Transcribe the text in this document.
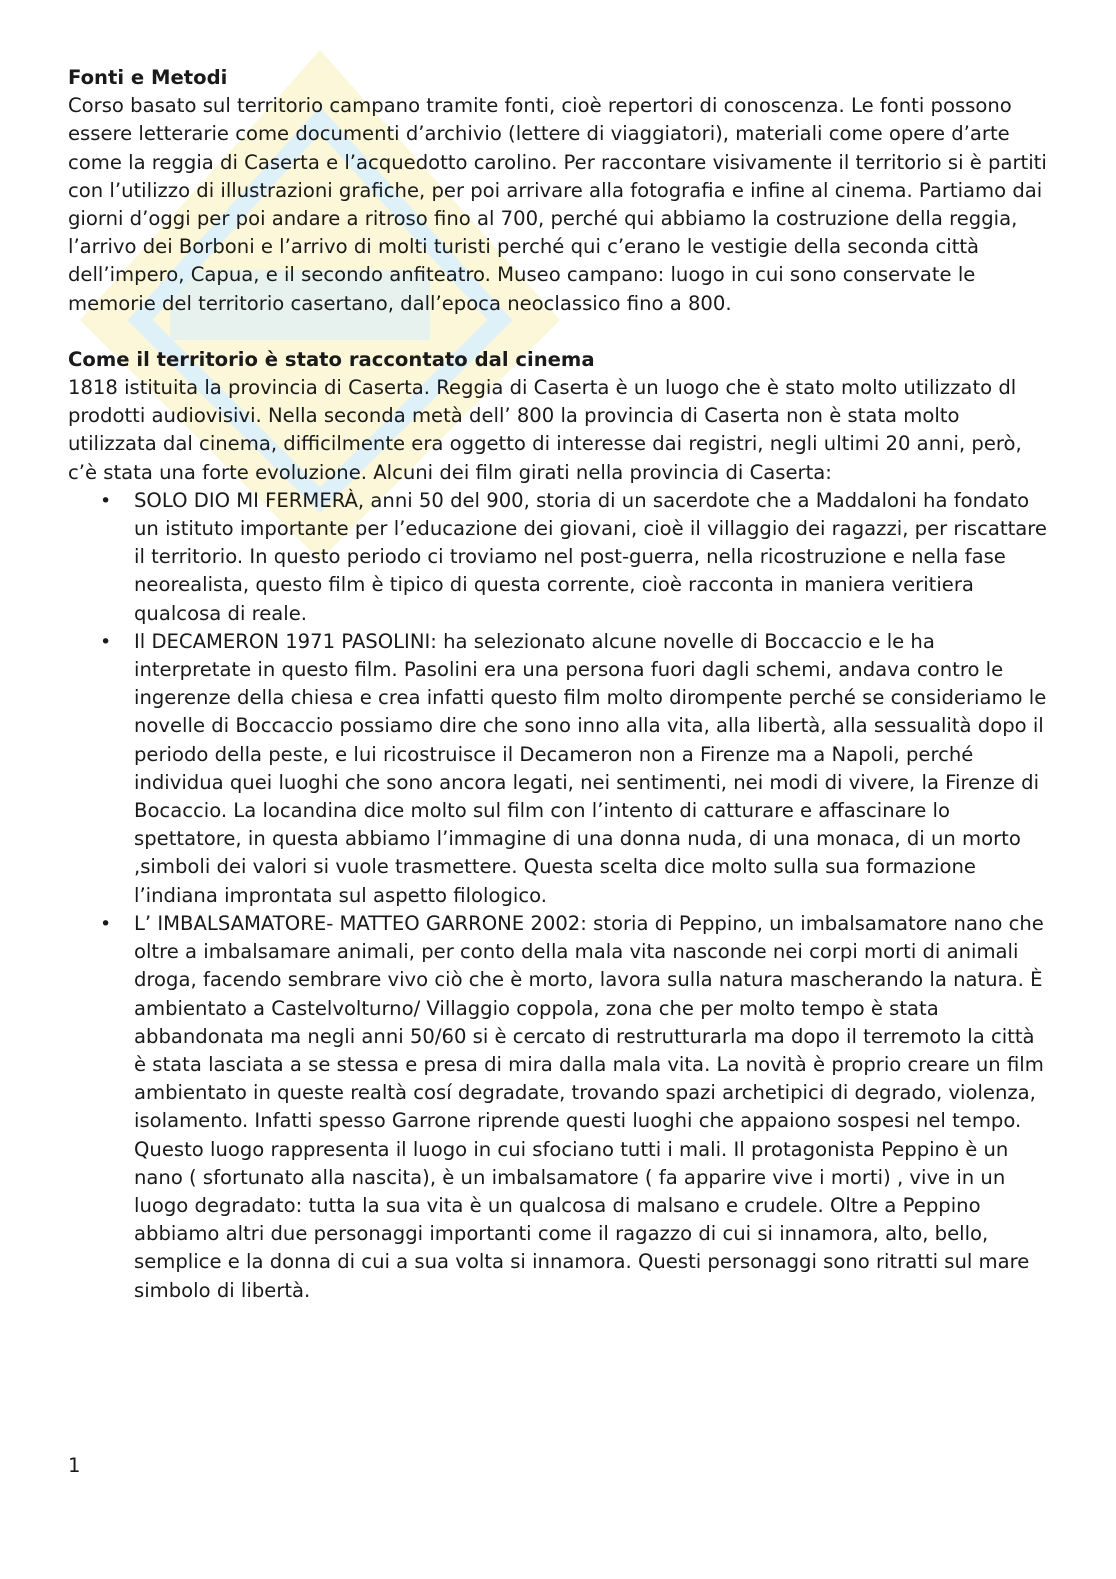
Fonti e Metodi

Corso basato sul territorio campano tramite fonti, cioè repertori di conoscenza. Le fonti possono essere letterarie come documenti d’archivio (lettere di viaggiatori), materiali come opere d’arte come la reggia di Caserta e l’acquedotto carolino. Per raccontare visivamente il territorio si è partiti con l’utilizzo di illustrazioni grafiche, per poi arrivare alla fotografia e infine al cinema. Partiamo dai giorni d’oggi per poi andare a ritroso fino al 700, perché qui abbiamo la costruzione della reggia, l’arrivo dei Borboni e l’arrivo di molti turisti perché qui c’erano le vestigie della seconda città dell’impero, Capua, e il secondo anfiteatro. Museo campano: luogo in cui sono conservate le memorie del territorio casertano, dall’epoca neoclassico fino a 800.

Come il territorio è stato raccontato dal cinema

1818 istituita la provincia di Caserta. Reggia di Caserta è un luogo che è stato molto utilizzato dl prodotti audiovisivi. Nella seconda metà dell’ 800 la provincia di Caserta non è stata molto utilizzata dal cinema, difficilmente era oggetto di interesse dai registri, negli ultimi 20 anni, però, c’è stata una forte evoluzione. Alcuni dei film girati nella provincia di Caserta:

• SOLO DIO MI FERMERÀ, anni 50 del 900, storia di un sacerdote che a Maddaloni ha fondato un istituto importante per l’educazione dei giovani, cioè il villaggio dei ragazzi, per riscattare il territorio. In questo periodo ci troviamo nel post-guerra, nella ricostruzione e nella fase neorealista, questo film è tipico di questa corrente, cioè racconta in maniera veritiera qualcosa di reale.
• Il DECAMERON 1971 PASOLINI: ha selezionato alcune novelle di Boccaccio e le ha interpretate in questo film. Pasolini era una persona fuori dagli schemi, andava contro le ingerenze della chiesa e crea infatti questo film molto dirompente perché se consideriamo le novelle di Boccaccio possiamo dire che sono inno alla vita, alla libertà, alla sessualità dopo il periodo della peste, e lui ricostruisce il Decameron non a Firenze ma a Napoli, perché individua quei luoghi che sono ancora legati, nei sentimenti, nei modi di vivere, la Firenze di Bocaccio. La locandina dice molto sul film con l’intento di catturare e affascinare lo spettatore, in questa abbiamo l’immagine di una donna nuda, di una monaca, di un morto ,simboli dei valori si vuole trasmettere. Questa scelta dice molto sulla sua formazione l’indiana improntata sul aspetto filologico.
• L’ IMBALSAMATORE- MATTEO GARRONE 2002: storia di Peppino, un imbalsamatore nano che oltre a imbalsamare animali, per conto della mala vita nasconde nei corpi morti di animali droga, facendo sembrare vivo ciò che è morto, lavora sulla natura mascherando la natura. È ambientato a Castelvolturno/ Villaggio coppola, zona che per molto tempo è stata abbandonata ma negli anni 50/60 si è cercato di restrutturarla ma dopo il terremoto la città è stata lasciata a se stessa e presa di mira dalla mala vita. La novità è proprio creare un film ambientato in queste realtà cosí degradate, trovando spazi archetipici di degrado, violenza, isolamento. Infatti spesso Garrone riprende questi luoghi che appaiono sospesi nel tempo. Questo luogo rappresenta il luogo in cui sfociano tutti i mali. Il protagonista Peppino è un nano ( sfortunato alla nascita), è un imbalsamatore ( fa apparire vive i morti) , vive in un luogo degradato: tutta la sua vita è un qualcosa di malsano e crudele. Oltre a Peppino abbiamo altri due personaggi importanti come il ragazzo di cui si innamora, alto, bello, semplice e la donna di cui a sua volta si innamora. Questi personaggi sono ritratti sul mare simbolo di libertà.
1
